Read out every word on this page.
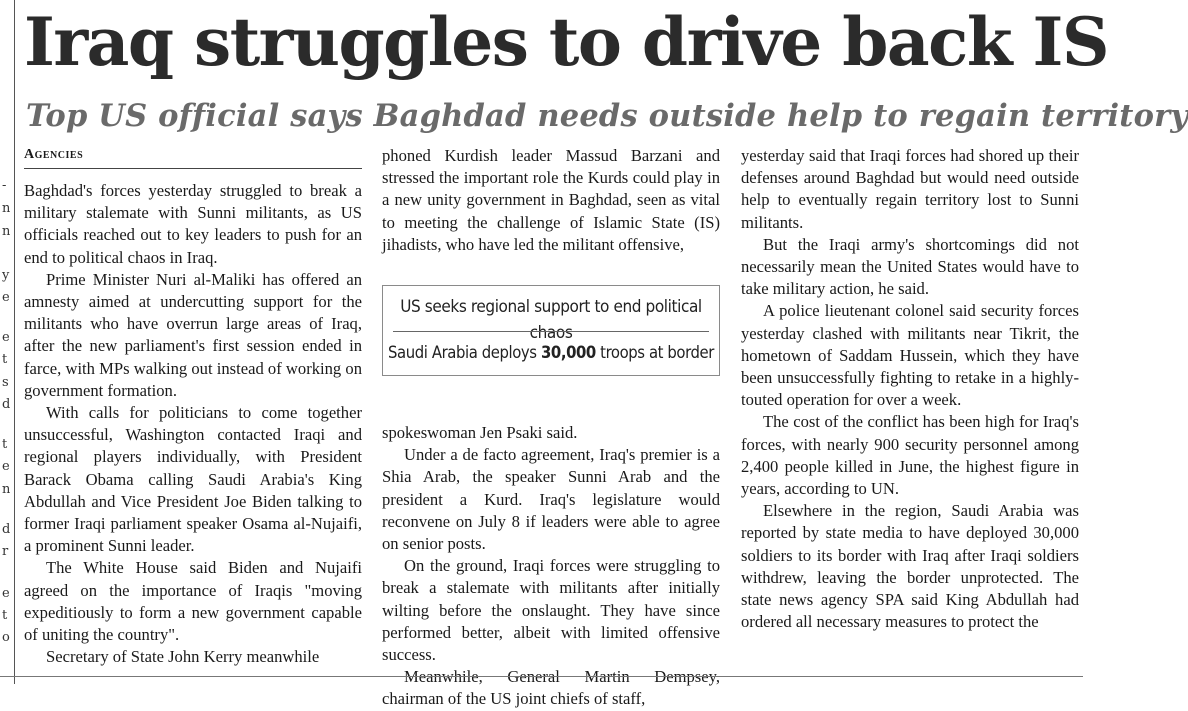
-
n
n
y
e
e
t
s
d
t
e
n
d
r
e
t
o
Iraq struggles to drive back IS
Top US official says Baghdad needs outside help to regain territory
Agencies

Baghdad's forces yesterday struggled to break a military stalemate with Sunni militants, as US officials reached out to key leaders to push for an end to political chaos in Iraq.

Prime Minister Nuri al-Maliki has offered an amnesty aimed at undercutting support for the militants who have overrun large areas of Iraq, after the new parliament's first session ended in farce, with MPs walking out instead of working on government formation.

With calls for politicians to come together unsuccessful, Washington contacted Iraqi and regional players individually, with President Barack Obama calling Saudi Arabia's King Abdullah and Vice President Joe Biden talking to former Iraqi parliament speaker Osama al-Nujaifi, a prominent Sunni leader.

The White House said Biden and Nujaifi agreed on the importance of Iraqis "moving expeditiously to form a new government capable of uniting the country".

Secretary of State John Kerry meanwhile

phoned Kurdish leader Massud Barzani and stressed the important role the Kurds could play in a new unity government in Baghdad, seen as vital to meeting the challenge of Islamic State (IS) jihadists, who have led the militant offensive,

US seeks regional support to end political chaos
Saudi Arabia deploys 30,000 troops at border

spokeswoman Jen Psaki said.

Under a de facto agreement, Iraq's premier is a Shia Arab, the speaker Sunni Arab and the president a Kurd. Iraq's legislature would reconvene on July 8 if leaders were able to agree on senior posts.

On the ground, Iraqi forces were struggling to break a stalemate with militants after initially wilting before the onslaught. They have since performed better, albeit with limited offensive success.

Meanwhile, General Martin Dempsey, chairman of the US joint chiefs of staff,

yesterday said that Iraqi forces had shored up their defenses around Baghdad but would need outside help to eventually regain territory lost to Sunni militants.

But the Iraqi army's shortcomings did not necessarily mean the United States would have to take military action, he said.

A police lieutenant colonel said security forces yesterday clashed with militants near Tikrit, the hometown of Saddam Hussein, which they have been unsuccessfully fighting to retake in a highly-touted operation for over a week.

The cost of the conflict has been high for Iraq's forces, with nearly 900 security personnel among 2,400 people killed in June, the highest figure in years, according to UN.

Elsewhere in the region, Saudi Arabia was reported by state media to have deployed 30,000 soldiers to its border with Iraq after Iraqi soldiers withdrew, leaving the border unprotected. The state news agency SPA said King Abdullah had ordered all necessary measures to protect the
